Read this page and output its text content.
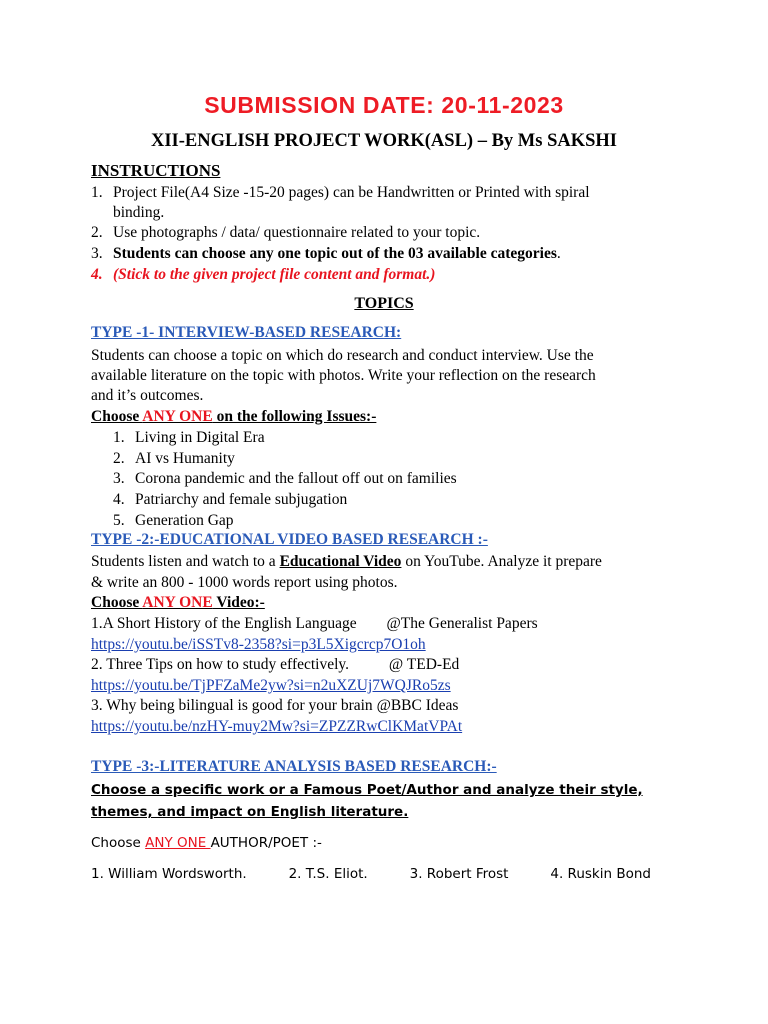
SUBMISSION DATE: 20-11-2023
XII-ENGLISH PROJECT WORK(ASL) – By Ms SAKSHI
INSTRUCTIONS
1. Project File(A4 Size -15-20 pages) can be Handwritten or Printed with spiral
binding.
2. Use photographs / data/ questionnaire related to your topic.
3. Students can choose any one topic out of the 03 available categories.
4. (Stick to the given project file content and format.)
TOPICS
TYPE -1- INTERVIEW-BASED RESEARCH:
Students can choose a topic on which do research and conduct interview. Use the
available literature on the topic with photos. Write your reflection on the research
and it’s outcomes.
Choose ANY ONE on the following Issues:-
1. Living in Digital Era
2. AI vs Humanity
3. Corona pandemic and the fallout off out on families
4. Patriarchy and female subjugation
5. Generation Gap
TYPE -2:-EDUCATIONAL VIDEO BASED RESEARCH :-
Students listen and watch to a Educational Video on YouTube. Analyze it prepare
& write an 800 - 1000 words report using photos.
Choose ANY ONE Video:-
1.A Short History of the English Language @The Generalist Papers
https://youtu.be/iSSTv8-2358?si=p3L5Xigcrcp7O1oh
2. Three Tips on how to study effectively.	@ TED-Ed
https://youtu.be/TjPFZaMe2yw?si=n2uXZUj7WQJRo5zs
3. Why being bilingual is good for your brain @BBC Ideas
https://youtu.be/nzHY-muy2Mw?si=ZPZZRwClKMatVPAt
TYPE -3:-LITERATURE ANALYSIS BASED RESEARCH:-
Choose a specific work or a Famous Poet/Author and analyze their style,
themes, and impact on English literature.
Choose ANY ONE AUTHOR/POET :-
1. William Wordsworth.	2. T.S. Eliot.	3. Robert Frost	4. Ruskin Bond
